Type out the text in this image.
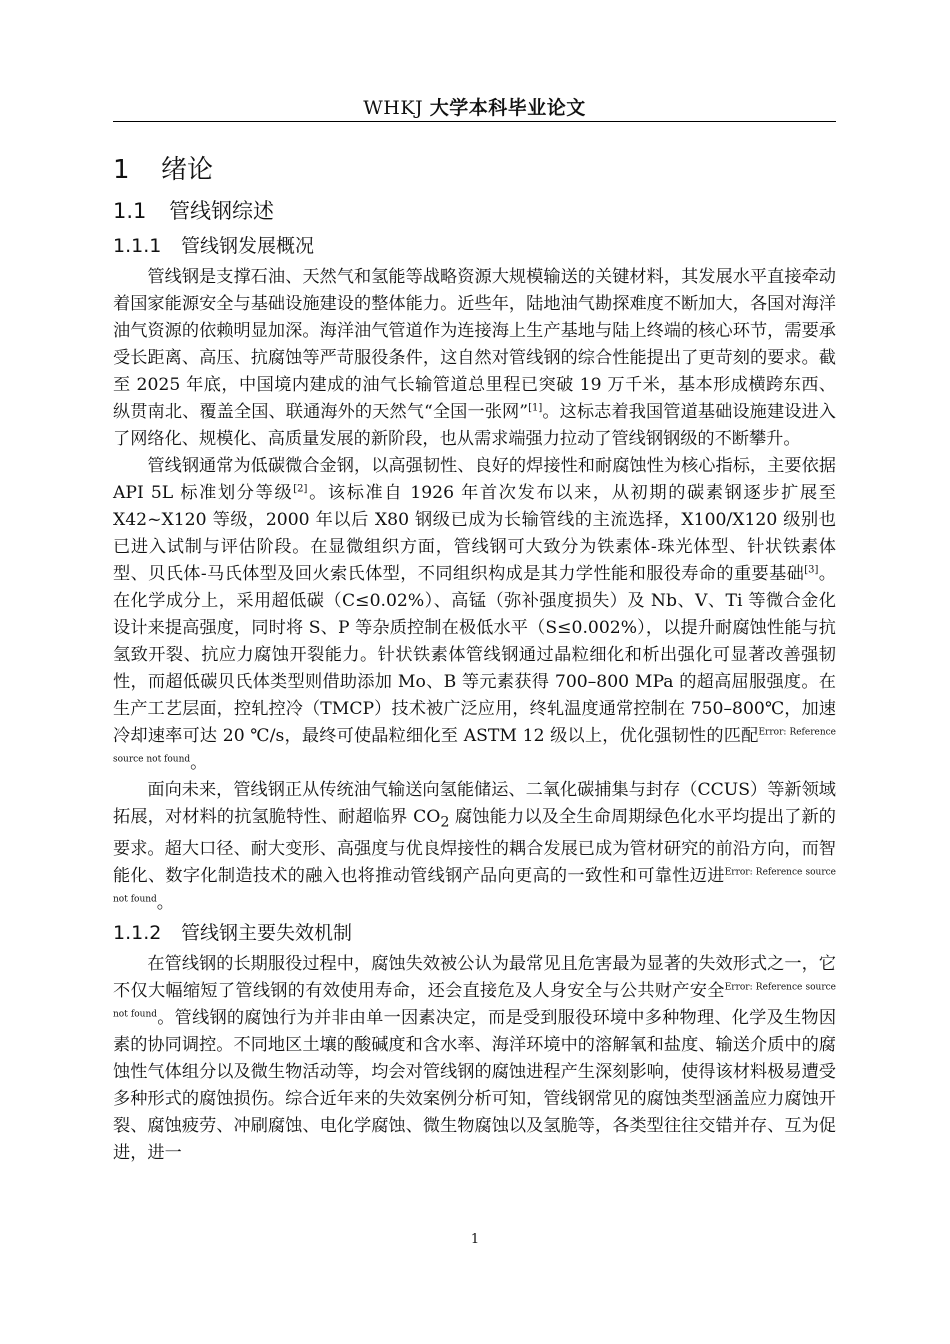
WHKJ 大学本科毕业论文
1 绪论
1.1 管线钢综述
1.1.1 管线钢发展概况

管线钢是支撑石油、天然气和氢能等战略资源大规模输送的关键材料，其发展水平直接牵动着国家能源安全与基础设施建设的整体能力。近些年，陆地油气勘探难度不断加大，各国对海洋油气资源的依赖明显加深。海洋油气管道作为连接海上生产基地与陆上终端的核心环节，需要承受长距离、高压、抗腐蚀等严苛服役条件，这自然对管线钢的综合性能提出了更苛刻的要求。截至 2025 年底，中国境内建成的油气长输管道总里程已突破 19 万千米，基本形成横跨东西、纵贯南北、覆盖全国、联通海外的天然气“全国一张网”[1]。这标志着我国管道基础设施建设进入了网络化、规模化、高质量发展的新阶段，也从需求端强力拉动了管线钢钢级的不断攀升。

管线钢通常为低碳微合金钢，以高强韧性、良好的焊接性和耐腐蚀性为核心指标，主要依据 API 5L 标准划分等级[2]。该标准自 1926 年首次发布以来，从初期的碳素钢逐步扩展至 X42~X120 等级，2000 年以后 X80 钢级已成为长输管线的主流选择，X100/X120 级别也已进入试制与评估阶段。在显微组织方面，管线钢可大致分为铁素体-珠光体型、针状铁素体型、贝氏体-马氏体型及回火索氏体型，不同组织构成是其力学性能和服役寿命的重要基础[3]。在化学成分上，采用超低碳（C≤0.02%）、高锰（弥补强度损失）及 Nb、V、Ti 等微合金化设计来提高强度，同时将 S、P 等杂质控制在极低水平（S≤0.002%），以提升耐腐蚀性能与抗氢致开裂、抗应力腐蚀开裂能力。针状铁素体管线钢通过晶粒细化和析出强化可显著改善强韧性，而超低碳贝氏体类型则借助添加 Mo、B 等元素获得 700–800 MPa 的超高屈服强度。在生产工艺层面，控轧控冷（TMCP）技术被广泛应用，终轧温度通常控制在 750–800℃，加速冷却速率可达 20 ℃/s，最终可使晶粒细化至 ASTM 12 级以上，优化强韧性的匹配$^{Error: Reference source not found}$。

面向未来，管线钢正从传统油气输送向氢能储运、二氧化碳捕集与封存（CCUS）等新领域拓展，对材料的抗氢脆特性、耐超临界 $CO_2$ 腐蚀能力以及全生命周期绿色化水平均提出了新的要求。超大口径、耐大变形、高强度与优良焊接性的耦合发展已成为管材研究的前沿方向，而智能化、数字化制造技术的融入也将推动管线钢产品向更高的一致性和可靠性迈进$^{Error: Reference source not found}$。

1.1.2 管线钢主要失效机制

在管线钢的长期服役过程中，腐蚀失效被公认为最常见且危害最为显著的失效形式之一，它不仅大幅缩短了管线钢的有效使用寿命，还会直接危及人身安全与公共财产安全$^{Error: Reference source not found}$。管线钢的腐蚀行为并非由单一因素决定，而是受到服役环境中多种物理、化学及生物因素的协同调控。不同地区土壤的酸碱度和含水率、海洋环境中的溶解氧和盐度、输送介质中的腐蚀性气体组分以及微生物活动等，均会对管线钢的腐蚀进程产生深刻影响，使得该材料极易遭受多种形式的腐蚀损伤。综合近年来的失效案例分析可知，管线钢常见的腐蚀类型涵盖应力腐蚀开裂、腐蚀疲劳、冲刷腐蚀、电化学腐蚀、微生物腐蚀以及氢脆等，各类型往往交错并存、互为促进，进一

1
